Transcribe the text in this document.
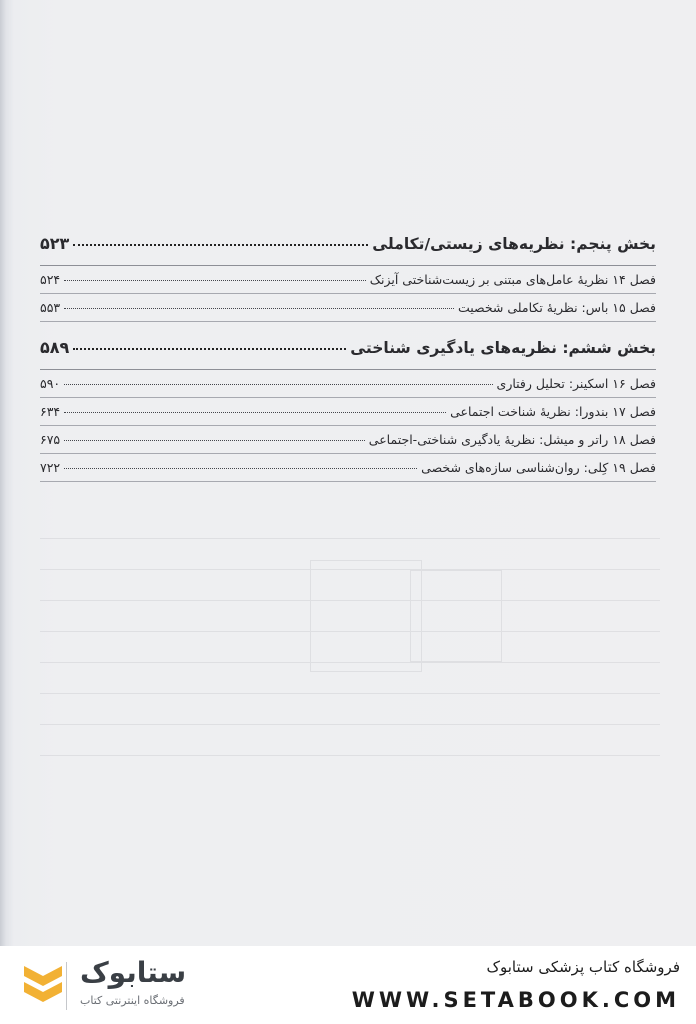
بخش پنجم: نظریه‌های زیستی/تکاملی
۵۲۳
فصل ۱۴ نظریهٔ عامل‌های مبتنی بر زیست‌شناختی آیزنک
۵۲۴
فصل ۱۵ باس: نظریهٔ تکاملی شخصیت
۵۵۳
بخش ششم: نظریه‌های یادگیری شناختی
۵۸۹
فصل ۱۶ اسکینر: تحلیل رفتاری
۵۹۰
فصل ۱۷ بندورا: نظریهٔ شناخت اجتماعی
۶۳۴
فصل ۱۸ راتر و میشل: نظریهٔ یادگیری شناختی-اجتماعی
۶۷۵
فصل ۱۹ کِلی: روان‌شناسی سازه‌های شخصی
۷۲۲
ستابوک
فروشگاه اینترنتی کتاب
فروشگاه کتاب پزشکی ستابوک
WWW.SETABOOK.COM
